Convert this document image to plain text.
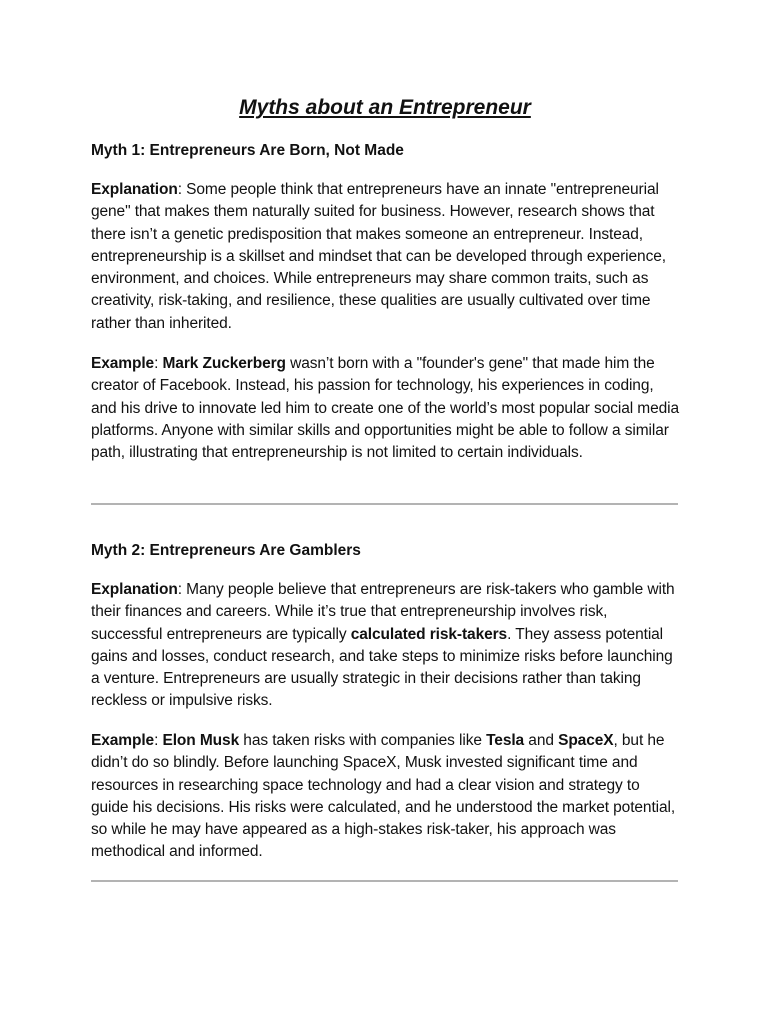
Myths about an Entrepreneur
Myth 1: Entrepreneurs Are Born, Not Made

Explanation: Some people think that entrepreneurs have an innate "entrepreneurial gene" that makes them naturally suited for business. However, research shows that there isn’t a genetic predisposition that makes someone an entrepreneur. Instead, entrepreneurship is a skillset and mindset that can be developed through experience, environment, and choices. While entrepreneurs may share common traits, such as creativity, risk-taking, and resilience, these qualities are usually cultivated over time rather than inherited.

Example: Mark Zuckerberg wasn’t born with a "founder's gene" that made him the creator of Facebook. Instead, his passion for technology, his experiences in coding, and his drive to innovate led him to create one of the world’s most popular social media platforms. Anyone with similar skills and opportunities might be able to follow a similar path, illustrating that entrepreneurship is not limited to certain individuals.

Myth 2: Entrepreneurs Are Gamblers

Explanation: Many people believe that entrepreneurs are risk-takers who gamble with their finances and careers. While it’s true that entrepreneurship involves risk, successful entrepreneurs are typically calculated risk-takers. They assess potential gains and losses, conduct research, and take steps to minimize risks before launching a venture. Entrepreneurs are usually strategic in their decisions rather than taking reckless or impulsive risks.

Example: Elon Musk has taken risks with companies like Tesla and SpaceX, but he didn’t do so blindly. Before launching SpaceX, Musk invested significant time and resources in researching space technology and had a clear vision and strategy to guide his decisions. His risks were calculated, and he understood the market potential, so while he may have appeared as a high-stakes risk-taker, his approach was methodical and informed.
